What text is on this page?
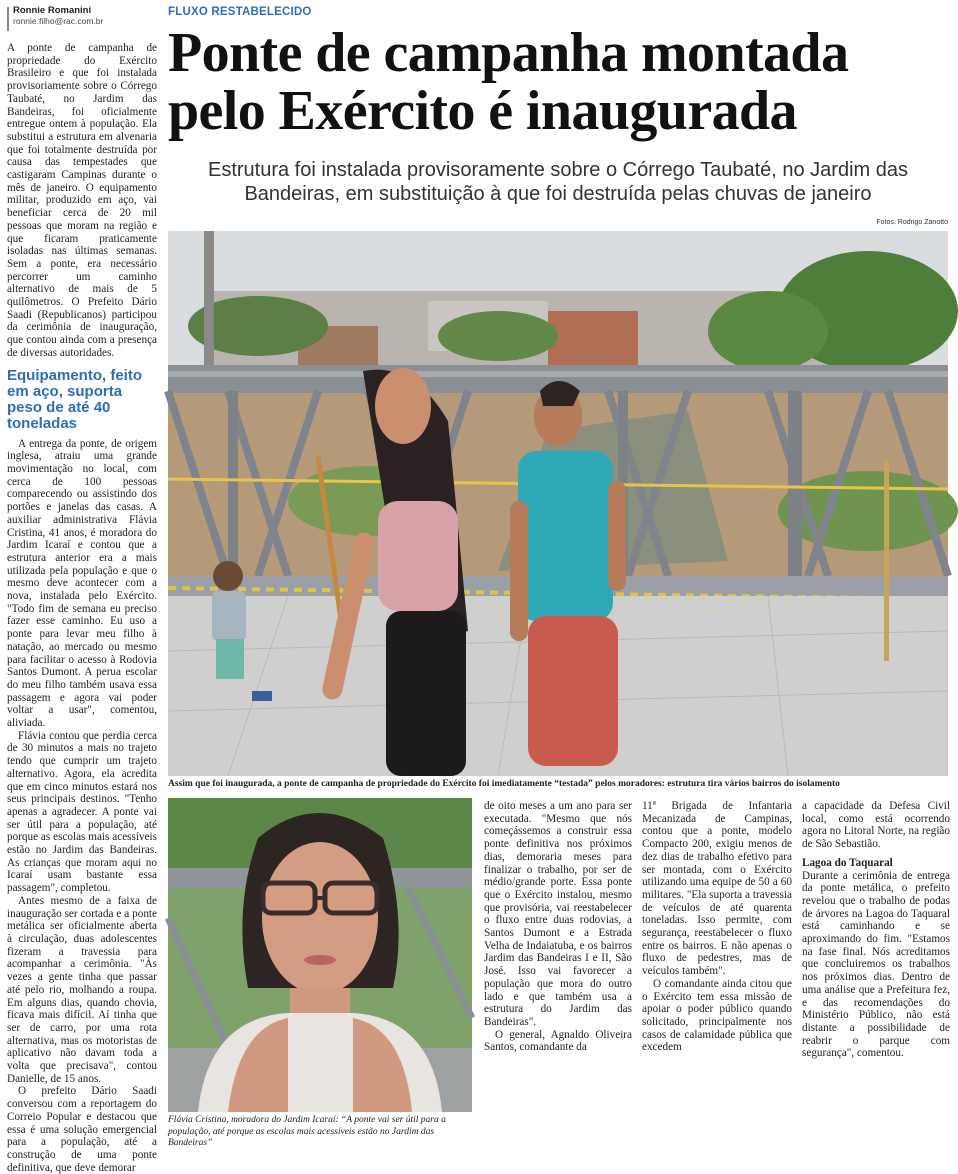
Ronnie Romanini
ronnie.filho@rac.com.br

A ponte de campanha de propriedade do Exército Brasileiro e que foi instalada provisoriamente sobre o Córrego Taubaté, no Jardim das Bandeiras, foi oficialmente entregue ontem à população. Ela substitui a estrutura em alvenaria que foi totalmente destruída por causa das tempestades que castigaram Campinas durante o mês de janeiro. O equipamento militar, produzido em aço, vai beneficiar cerca de 20 mil pessoas que moram na região e que ficaram praticamente isoladas nas últimas semanas. Sem a ponte, era necessário percorrer um caminho alternativo de mais de 5 quilômetros. O Prefeito Dário Saadi (Republicanos) participou da cerimônia de inauguração, que contou ainda com a presença de diversas autoridades.

Equipamento, feito em aço, suporta peso de até 40 toneladas

A entrega da ponte, de origem inglesa, atraiu uma grande movimentação no local, com cerca de 100 pessoas comparecendo ou assistindo dos portões e janelas das casas. A auxiliar administrativa Flávia Cristina, 41 anos, é moradora do Jardim Icaraí e contou que a estrutura anterior era a mais utilizada pela população e que o mesmo deve acontecer com a nova, instalada pelo Exército. "Todo fim de semana eu preciso fazer esse caminho. Eu uso a ponte para levar meu filho à natação, ao mercado ou mesmo para facilitar o acesso à Rodovia Santos Dumont. A perua escolar do meu filho também usava essa passagem e agora vai poder voltar a usar", comentou, aliviada.

Flávia contou que perdia cerca de 30 minutos a mais no trajeto tendo que cumprir um trajeto alternativo. Agora, ela acredita que em cinco minutos estará nos seus principais destinos. "Tenho apenas a agradecer. A ponte vai ser útil para a população, até porque as escolas mais acessíveis estão no Jardim das Bandeiras. As crianças que moram aqui no Icaraí usam bastante essa passagem", completou.

Antes mesmo de a faixa de inauguração ser cortada e a ponte metálica ser oficialmente aberta à circulação, duas adolescentes fizeram a travessia para acompanhar a cerimônia. "Às vezes a gente tinha que passar até pelo rio, molhando a roupa. Em alguns dias, quando chovia, ficava mais difícil. Aí tinha que ser de carro, por uma rota alternativa, mas os motoristas de aplicativo não davam toda a volta que precisava", contou Danielle, de 15 anos.

O prefeito Dário Saadi conversou com a reportagem do Correio Popular e destacou que essa é uma solução emergencial para a população, até a construção de uma ponte definitiva, que deve demorar

FLUXO RESTABELECIDO
Ponte de campanha montada pelo Exército é inaugurada
Estrutura foi instalada provisoramente sobre o Córrego Taubaté, no Jardim das Bandeiras, em substituição à que foi destruída pelas chuvas de janeiro
Fotos: Rodrigo Zanotto
Assim que foi inaugurada, a ponte de campanha de propriedade do Exército foi imediatamente “testada” pelos moradores: estrutura tira vários bairros do isolamento
Flávia Cristina, moradora do Jardim Icaraí: “A ponte vai ser útil para a população, até porque as escolas mais acessíveis estão no Jardim das Bandeiras”

de oito meses a um ano para ser executada. "Mesmo que nós começássemos a construir essa ponte definitiva nos próximos dias, demoraria meses para finalizar o trabalho, por ser de médio/grande porte. Essa ponte que o Exército instalou, mesmo que provisória, vai reestabelecer o fluxo entre duas rodovias, a Santos Dumont e a Estrada Velha de Indaiatuba, e os bairros Jardim das Bandeiras I e II, São José. Isso vai favorecer a população que mora do outro lado e que também usa a estrutura do Jardim das Bandeiras".

O general, Agnaldo Oliveira Santos, comandante da

11ª Brigada de Infantaria Mecanizada de Campinas, contou que a ponte, modelo Compacto 200, exigiu menos de dez dias de trabalho efetivo para ser montada, com o Exército utilizando uma equipe de 50 a 60 militares. "Ela suporta a travessia de veículos de até quarenta toneladas. Isso permite, com segurança, reestabelecer o fluxo entre os bairros. E não apenas o fluxo de pedestres, mas de veículos também".

O comandante ainda citou que o Exército tem essa missão de apoiar o poder público quando solicitado, principalmente nos casos de calamidade pública que excedem

a capacidade da Defesa Civil local, como está ocorrendo agora no Litoral Norte, na região de São Sebastião.

Lagoa do Taquaral

Durante a cerimônia de entrega da ponte metálica, o prefeito revelou que o trabalho de podas de árvores na Lagoa do Taquaral está caminhando e se aproximando do fim. "Estamos na fase final. Nós acreditamos que concluiremos os trabalhos nos próximos dias. Dentro de uma análise que a Prefeitura fez, e das recomendações do Ministério Público, não está distante a possibilidade de reabrir o parque com segurança", comentou.
